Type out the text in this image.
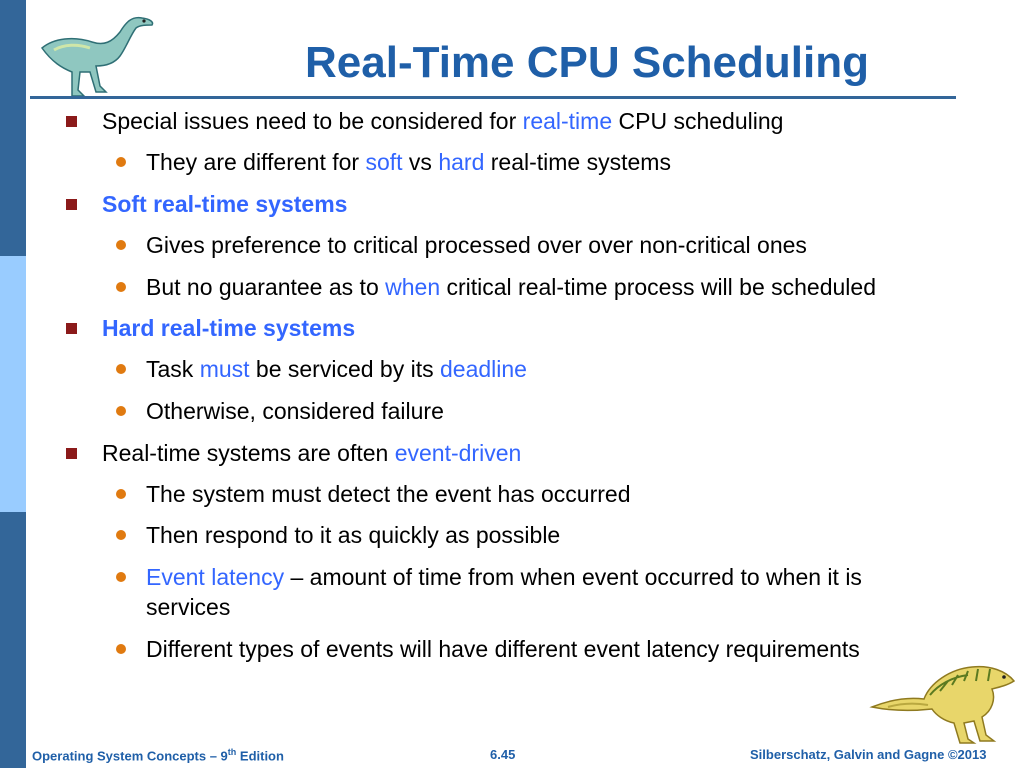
Real-Time CPU Scheduling
Special issues need to be considered for real-time CPU scheduling
They are different for soft vs hard real-time systems
Soft real-time systems
Gives preference to critical processed over over non-critical ones
But no guarantee as to when critical real-time process will be scheduled
Hard real-time systems
Task must be serviced by its deadline
Otherwise, considered failure
Real-time systems are often event-driven
The system must detect the event has occurred
Then respond to it as quickly as possible
Event latency – amount of time from when event occurred to when it is
services
Different types of events will have different event latency requirements
Operating System Concepts – 9th Edition	6.45	Silberschatz, Galvin and Gagne ©2013
